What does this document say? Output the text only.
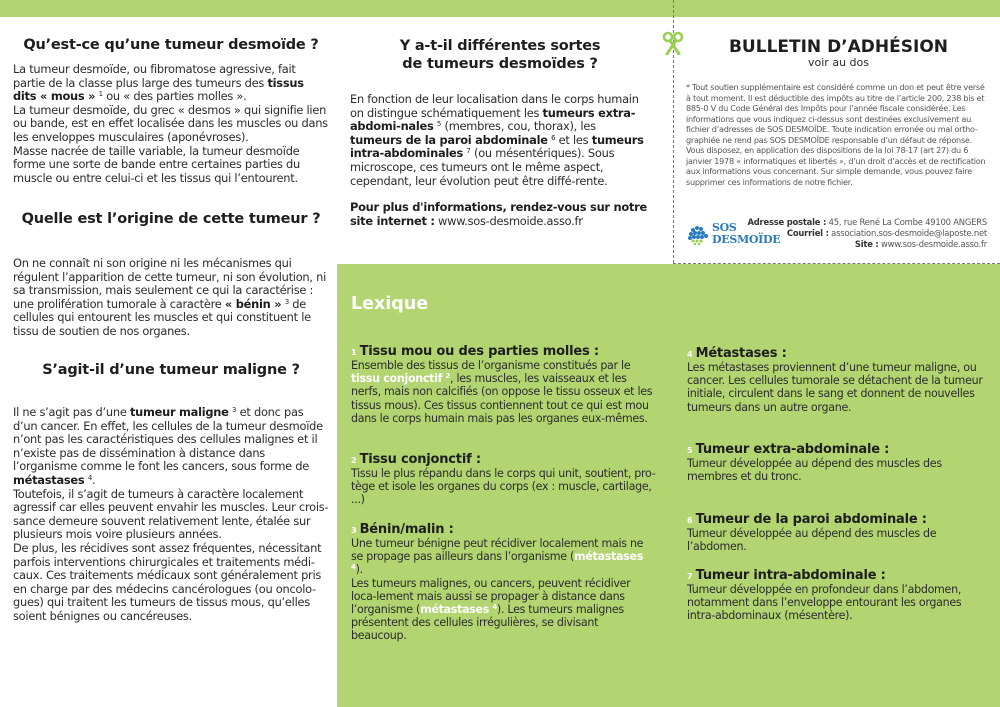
Qu’est-ce qu’une tumeur desmoïde ?

La tumeur desmoïde, ou fibromatose agressive, fait partie de la classe plus large des tumeurs des tissus dits « mous » $^1$ ou « des parties molles ».

La tumeur desmoïde, du grec « desmos » qui signifie lien ou bande, est en effet localisée dans les muscles ou dans les enveloppes musculaires (aponévroses).

Masse nacrée de taille variable, la tumeur desmoïde forme une sorte de bande entre certaines parties du muscle ou entre celui-ci et les tissus qui l’entourent.

Quelle est l’origine de cette tumeur ?

On ne connaît ni son origine ni les mécanismes qui régulent l’apparition de cette tumeur, ni son évolution, ni sa transmission, mais seulement ce qui la caractérise : une prolifération tumorale à caractère « bénin » $^3$ de cellules qui entourent les muscles et qui constituent le tissu de soutien de nos organes.

S’agit-il d’une tumeur maligne ?

Il ne s’agit pas d’une tumeur maligne $^3$ et donc pas d’un cancer. En effet, les cellules de la tumeur desmoïde n’ont pas les caractéristiques des cellules malignes et il n’existe pas de dissémination à distance dans l’organisme comme le font les cancers, sous forme de métastases $^4$.

Toutefois, il s’agit de tumeurs à caractère localement agressif car elles peuvent envahir les muscles. Leur crois-sance demeure souvent relativement lente, étalée sur plusieurs mois voire plusieurs années.

De plus, les récidives sont assez fréquentes, nécessitant parfois interventions chirurgicales et traitements médi-caux. Ces traitements médicaux sont généralement pris en charge par des médecins cancérologues (ou oncolo-gues) qui traitent les tumeurs de tissus mous, qu’elles soient bénignes ou cancéreuses.

Y a-t-il différentes sortes
de tumeurs desmoïdes ?

En fonction de leur localisation dans le corps humain on distingue schématiquement les tumeurs extra-abdomi-nales $^5$ (membres, cou, thorax), les tumeurs de la paroi abdominale $^6$ et les tumeurs intra-abdominales $^7$ (ou mésentériques). Sous microscope, ces tumeurs ont le même aspect, cependant, leur évolution peut être diffé-rente.

Pour plus d'informations, rendez-vous sur notre site internet : www.sos-desmoide.asso.fr

BULLETIN D’ADHÉSION
voir au dos
* Tout soutien supplémentaire est considéré comme un don et peut être versé à tout moment. Il est déductible des impôts au titre de l’article 200, 238 bis et 885-0 V du Code Général des Impôts pour l’année fiscale considérée. Les informations que vous indiquez ci-dessus sont destinées exclusivement au fichier d’adresses de SOS DESMOÏDE. Toute indication erronée ou mal ortho-graphiée ne rend pas SOS DESMOÏDE responsable d’un défaut de réponse. Vous disposez, en application des dispositions de la loi 78-17 (art 27) du 6 janvier 1978 « informatiques et libertés », d’un droit d’accès et de rectification aux informations vous concernant. Sur simple demande, vous pouvez faire supprimer ces informations de notre fichier.
Adresse postale : 45, rue René La Combe 49100 ANGERS
Courriel : association.sos-desmoide@laposte.net
Site : www.sos-desmoide.asso.fr
SOS
DESMOÏDE
Lexique
1 Tissu mou ou des parties molles :

Ensemble des tissus de l’organisme constitués par le tissu conjonctif $^2$, les muscles, les vaisseaux et les nerfs, mais non calcifiés (on oppose le tissu osseux et les tissus mous). Ces tissus contiennent tout ce qui est mou dans le corps humain mais pas les organes eux-mêmes.

2 Tissu conjonctif :

Tissu le plus répandu dans le corps qui unit, soutient, pro-tège et isole les organes du corps (ex : muscle, cartilage, ...)

3 Bénin/malin :

Une tumeur bénigne peut récidiver localement mais ne se propage pas ailleurs dans l’organisme (métastases $^4$).
Les tumeurs malignes, ou cancers, peuvent récidiver loca-lement mais aussi se propager à distance dans l’organisme (métastases $^4$). Les tumeurs malignes présentent des cellules irrégulières, se divisant beaucoup.

4 Métastases :

Les métastases proviennent d’une tumeur maligne, ou cancer. Les cellules tumorale se détachent de la tumeur initiale, circulent dans le sang et donnent de nouvelles tumeurs dans un autre organe.

5 Tumeur extra-abdominale :

Tumeur développée au dépend des muscles des membres et du tronc.

6 Tumeur de la paroi abdominale :

Tumeur développée au dépend des muscles de l’abdomen.

7 Tumeur intra-abdominale :

Tumeur développée en profondeur dans l’abdomen, notamment dans l’enveloppe entourant les organes intra-abdominaux (mésentère).
